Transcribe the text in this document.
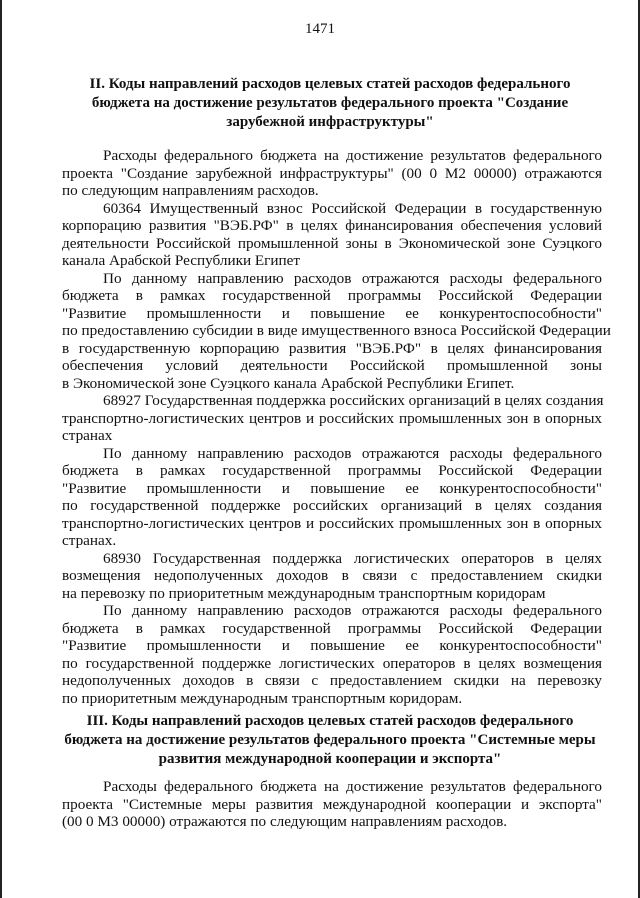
1471
II. Коды направлений расходов целевых статей расходов федерального
бюджета на достижение результатов федерального проекта "Создание
зарубежной инфраструктуры"
Расходы федерального бюджета на достижение результатов федерального
проекта "Создание зарубежной инфраструктуры" (00 0 М2 00000) отражаются
по следующим направлениям расходов.
60364 Имущественный взнос Российской Федерации в государственную
корпорацию развития "ВЭБ.РФ" в целях финансирования обеспечения условий
деятельности Российской промышленной зоны в Экономической зоне Суэцкого
канала Арабской Республики Египет
По данному направлению расходов отражаются расходы федерального
бюджета в рамках государственной программы Российской Федерации
"Развитие промышленности и повышение ее конкурентоспособности"
по предоставлению субсидии в виде имущественного взноса Российской Федерации
в государственную корпорацию развития "ВЭБ.РФ" в целях финансирования
обеспечения условий деятельности Российской промышленной зоны
в Экономической зоне Суэцкого канала Арабской Республики Египет.
68927 Государственная поддержка российских организаций в целях создания
транспортно-логистических центров и российских промышленных зон в опорных
странах
По данному направлению расходов отражаются расходы федерального
бюджета в рамках государственной программы Российской Федерации
"Развитие промышленности и повышение ее конкурентоспособности"
по государственной поддержке российских организаций в целях создания
транспортно-логистических центров и российских промышленных зон в опорных
странах.
68930 Государственная поддержка логистических операторов в целях
возмещения недополученных доходов в связи с предоставлением скидки
на перевозку по приоритетным международным транспортным коридорам
По данному направлению расходов отражаются расходы федерального
бюджета в рамках государственной программы Российской Федерации
"Развитие промышленности и повышение ее конкурентоспособности"
по государственной поддержке логистических операторов в целях возмещения
недополученных доходов в связи с предоставлением скидки на перевозку
по приоритетным международным транспортным коридорам.
III. Коды направлений расходов целевых статей расходов федерального
бюджета на достижение результатов федерального проекта "Системные меры
развития международной кооперации и экспорта"
Расходы федерального бюджета на достижение результатов федерального
проекта "Системные меры развития международной кооперации и экспорта"
(00 0 М3 00000) отражаются по следующим направлениям расходов.
